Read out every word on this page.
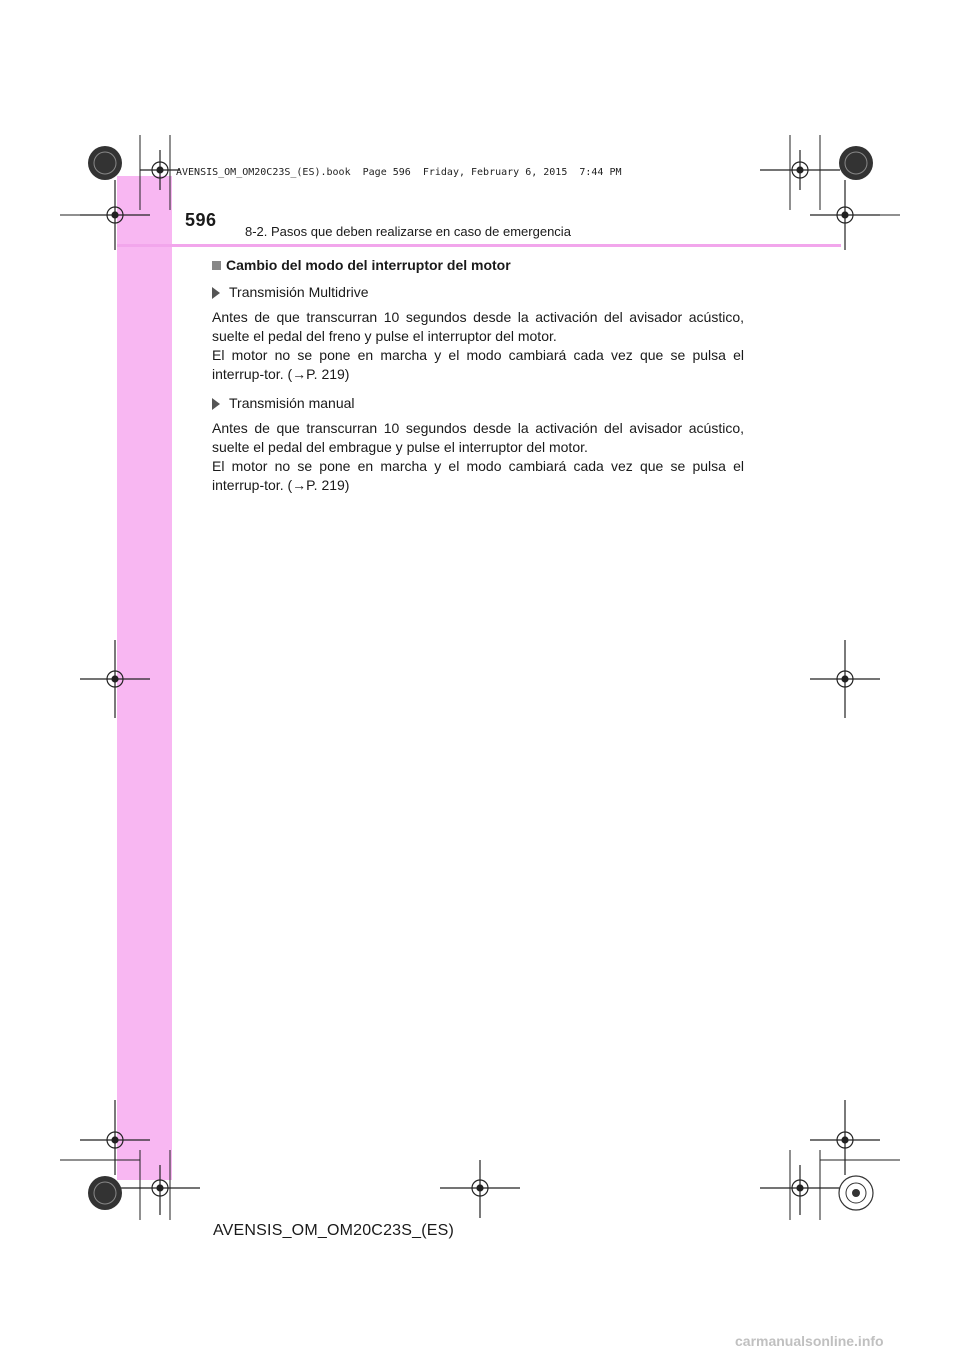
AVENSIS_OM_OM20C23S_(ES).book  Page 596  Friday, February 6, 2015  7:44 PM
596
8-2. Pasos que deben realizarse en caso de emergencia
Cambio del modo del interruptor del motor
Transmisión Multidrive
Antes de que transcurran 10 segundos desde la activación del avisador acústico, suelte el pedal del freno y pulse el interruptor del motor.
El motor no se pone en marcha y el modo cambiará cada vez que se pulsa el interrup-tor. (→P. 219)
Transmisión manual
Antes de que transcurran 10 segundos desde la activación del avisador acústico, suelte el pedal del embrague y pulse el interruptor del motor.
El motor no se pone en marcha y el modo cambiará cada vez que se pulsa el interrup-tor. (→P. 219)
AVENSIS_OM_OM20C23S_(ES)
carmanualsonline.info
